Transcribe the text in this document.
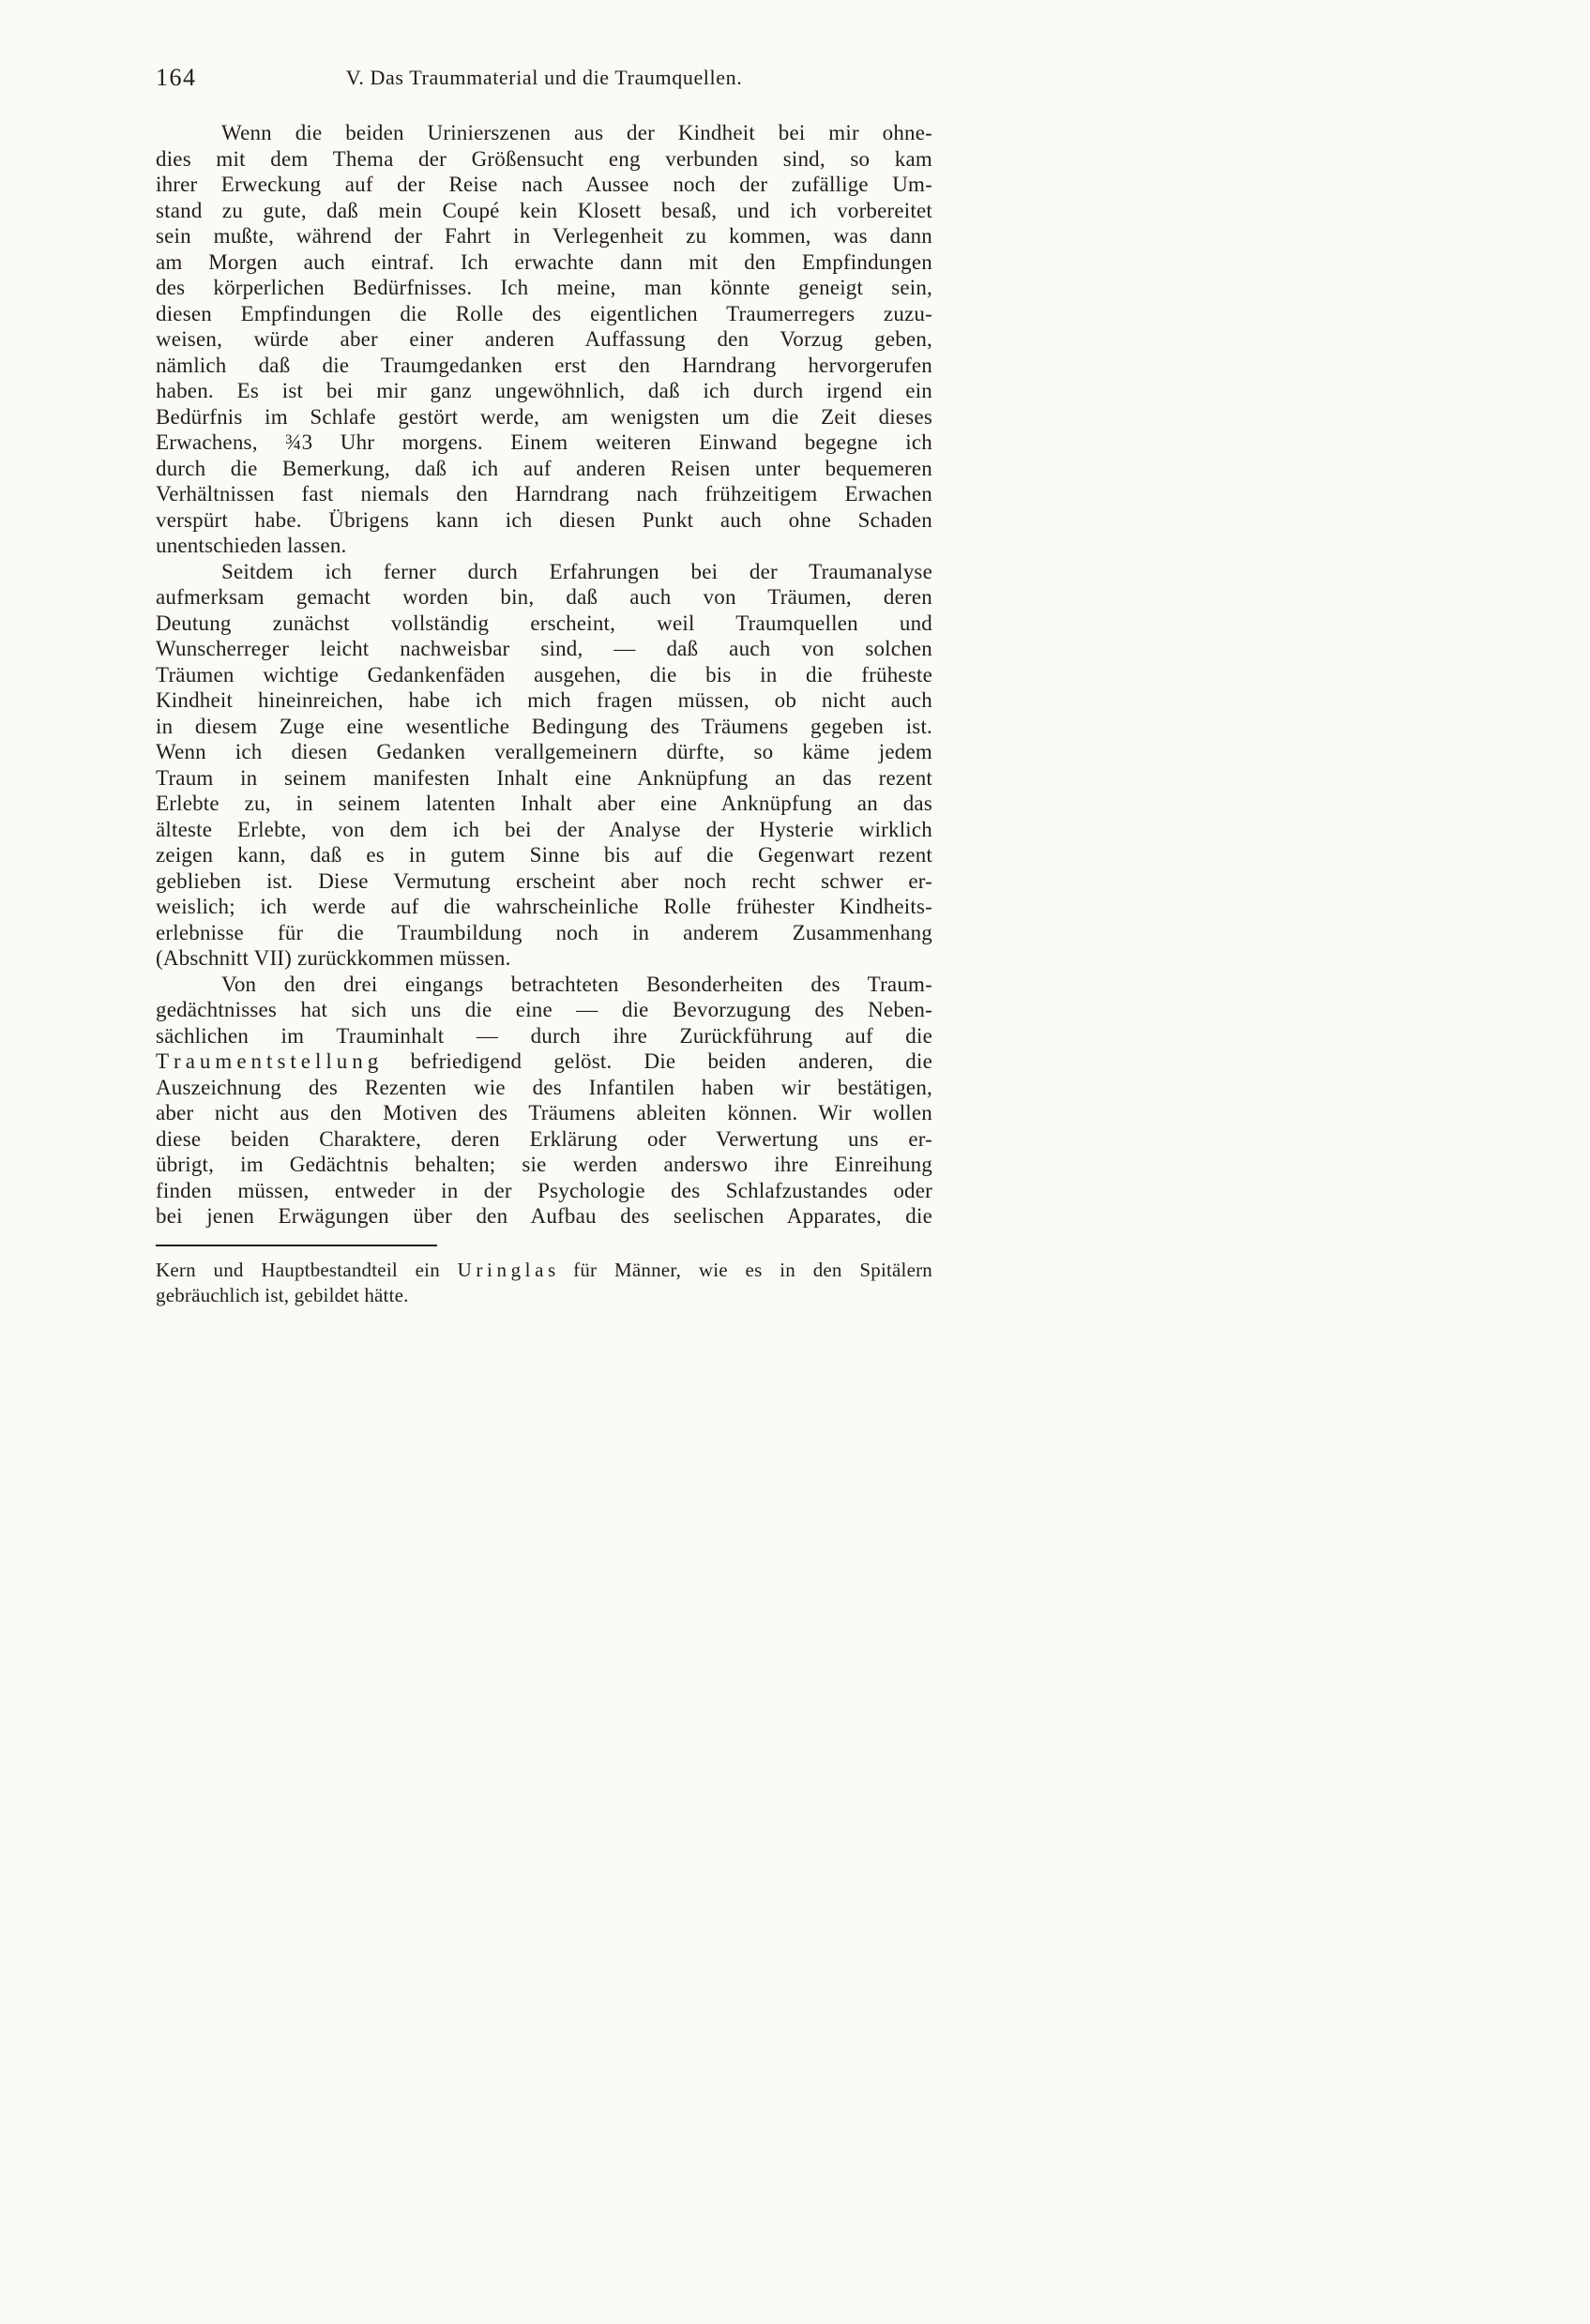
164	V. Das Traummaterial und die Traumquellen.
Wenn die beiden Urinierszenen aus der Kindheit bei mir ohne-
dies mit dem Thema der Größensucht eng verbunden sind, so kam
ihrer Erweckung auf der Reise nach Aussee noch der zufällige Um-
stand zu gute, daß mein Coupé kein Klosett besaß, und ich vorbereitet
sein mußte, während der Fahrt in Verlegenheit zu kommen, was dann
am Morgen auch eintraf. Ich erwachte dann mit den Empfindungen
des körperlichen Bedürfnisses. Ich meine, man könnte geneigt sein,
diesen Empfindungen die Rolle des eigentlichen Traumerregers zuzu-
weisen, würde aber einer anderen Auffassung den Vorzug geben,
nämlich daß die Traumgedanken erst den Harndrang hervorgerufen
haben. Es ist bei mir ganz ungewöhnlich, daß ich durch irgend ein
Bedürfnis im Schlafe gestört werde, am wenigsten um die Zeit dieses
Erwachens, ¾3 Uhr morgens. Einem weiteren Einwand begegne ich
durch die Bemerkung, daß ich auf anderen Reisen unter bequemeren
Verhältnissen fast niemals den Harndrang nach frühzeitigem Erwachen
verspürt habe. Übrigens kann ich diesen Punkt auch ohne Schaden
unentschieden lassen.
Seitdem ich ferner durch Erfahrungen bei der Traumanalyse
aufmerksam gemacht worden bin, daß auch von Träumen, deren
Deutung zunächst vollständig erscheint, weil Traumquellen und
Wunscherreger leicht nachweisbar sind, — daß auch von solchen
Träumen wichtige Gedankenfäden ausgehen, die bis in die früheste
Kindheit hineinreichen, habe ich mich fragen müssen, ob nicht auch
in diesem Zuge eine wesentliche Bedingung des Träumens gegeben ist.
Wenn ich diesen Gedanken verallgemeinern dürfte, so käme jedem
Traum in seinem manifesten Inhalt eine Anknüpfung an das rezent
Erlebte zu, in seinem latenten Inhalt aber eine Anknüpfung an das
älteste Erlebte, von dem ich bei der Analyse der Hysterie wirklich
zeigen kann, daß es in gutem Sinne bis auf die Gegenwart rezent
geblieben ist. Diese Vermutung erscheint aber noch recht schwer er-
weislich; ich werde auf die wahrscheinliche Rolle frühester Kindheits-
erlebnisse für die Traumbildung noch in anderem Zusammenhang
(Abschnitt VII) zurückkommen müssen.
Von den drei eingangs betrachteten Besonderheiten des Traum-
gedächtnisses hat sich uns die eine — die Bevorzugung des Neben-
sächlichen im Trauminhalt — durch ihre Zurückführung auf die
T r a u m e n t s t e l l u n g befriedigend gelöst. Die beiden anderen, die
Auszeichnung des Rezenten wie des Infantilen haben wir bestätigen,
aber nicht aus den Motiven des Träumens ableiten können. Wir wollen
diese beiden Charaktere, deren Erklärung oder Verwertung uns er-
übrigt, im Gedächtnis behalten; sie werden anderswo ihre Einreihung
finden müssen, entweder in der Psychologie des Schlafzustandes oder
bei jenen Erwägungen über den Aufbau des seelischen Apparates, die
Kern und Hauptbestandteil ein U r i n g l a s für Männer, wie es in den Spitälern
gebräuchlich ist, gebildet hätte.
